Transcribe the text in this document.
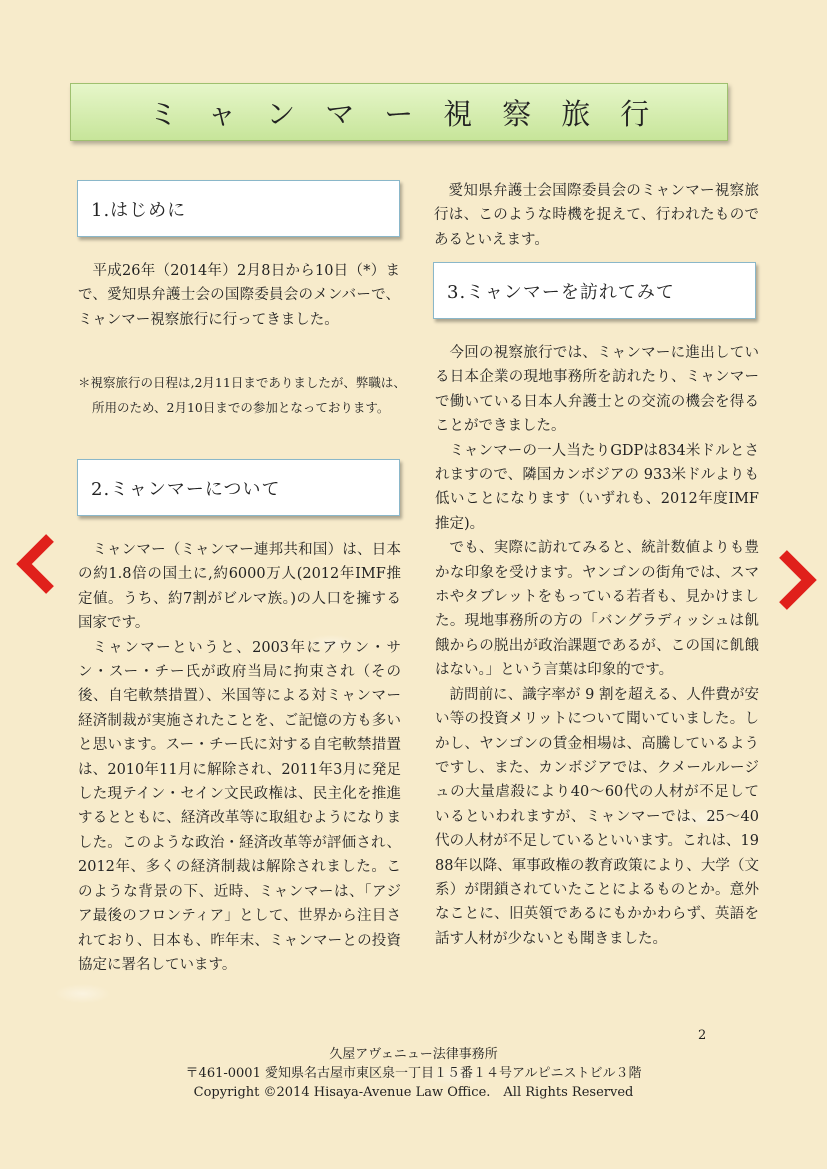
ミャンマー視察旅行
1.はじめに

平成26年（2014年）2月8日から10日（*）まで、愛知県弁護士会の国際委員会のメンバーで、ミャンマー視察旅行に行ってきました。

＊視察旅行の日程は,2月11日までありましたが、弊職は、所用のため、2月10日までの参加となっております。
2.ミャンマーについて

ミャンマー（ミャンマー連邦共和国）は、日本の約1.8倍の国土に,約6000万人(2012年IMF推定値。うち、約7割がビルマ族。)の人口を擁する国家です。

ミャンマーというと、2003年にアウン・サン・スー・チー氏が政府当局に拘束され（その後、自宅軟禁措置）、米国等による対ミャンマー経済制裁が実施されたことを、ご記憶の方も多いと思います。スー・チー氏に対する自宅軟禁措置は、2010年11月に解除され、2011年3月に発足した現テイン・セイン文民政権は、民主化を推進するとともに、経済改革等に取組むようになりました。このような政治・経済改革等が評価され、2012年、多くの経済制裁は解除されました。このような背景の下、近時、ミャンマーは、「アジア最後のフロンティア」として、世界から注目されており、日本も、昨年末、ミャンマーとの投資協定に署名しています。

愛知県弁護士会国際委員会のミャンマー視察旅行は、このような時機を捉えて、行われたものであるといえます。

3.ミャンマーを訪れてみて

今回の視察旅行では、ミャンマーに進出している日本企業の現地事務所を訪れたり、ミャンマーで働いている日本人弁護士との交流の機会を得ることができました。

ミャンマーの一人当たりGDPは834米ドルとされますので、隣国カンボジアの 933米ドルよりも低いことになります（いずれも、2012年度IMF推定)。

でも、実際に訪れてみると、統計数値よりも豊かな印象を受けます。ヤンゴンの街角では、スマホやタブレットをもっている若者も、見かけました。現地事務所の方の「バングラディッシュは飢餓からの脱出が政治課題であるが、この国に飢餓はない。」という言葉は印象的です。

訪問前に、識字率が 9 割を超える、人件費が安い等の投資メリットについて聞いていました。しかし、ヤンゴンの賃金相場は、高騰しているようですし、また、カンボジアでは、クメールルージュの大量虐殺により40～60代の人材が不足しているといわれますが、ミャンマーでは、25～40代の人材が不足しているといいます。これは、1988年以降、軍事政権の教育政策により、大学（文系）が閉鎖されていたことによるものとか。意外なことに、旧英領であるにもかかわらず、英語を話す人材が少ないとも聞きました。

2
久屋アヴェニュー法律事務所
〒461-0001 愛知県名古屋市東区泉一丁目１５番１４号アルピニストビル３階
Copyright ©2014 Hisaya-Avenue Law Office.　All Rights Reserved
